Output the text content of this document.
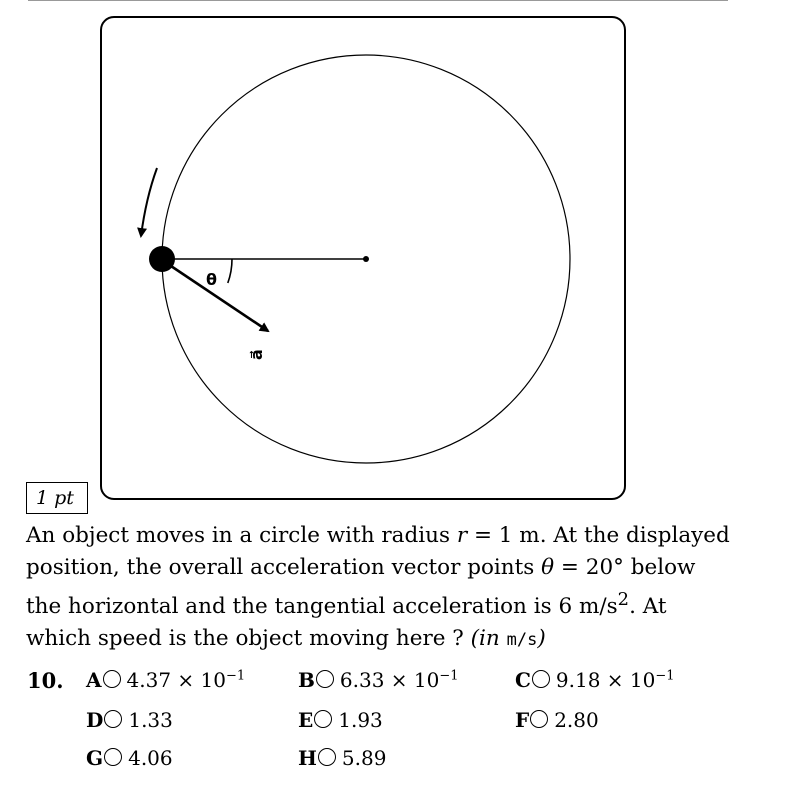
θ
a⃗
1 pt

An object moves in a circle with radius r = 1 m. At the displayed position, the overall acceleration vector points θ = 20° below the horizontal and the tangential acceleration is 6 $m/s^2$. At which speed is the object moving here ? (in m/s)

10. A $4.37 \times 10^{-1}$	B $6.33 \times 10^{-1}$	C $9.18 \times 10^{-1}$
D 1.33	E 1.93	F 2.80
G 4.06	H 5.89
